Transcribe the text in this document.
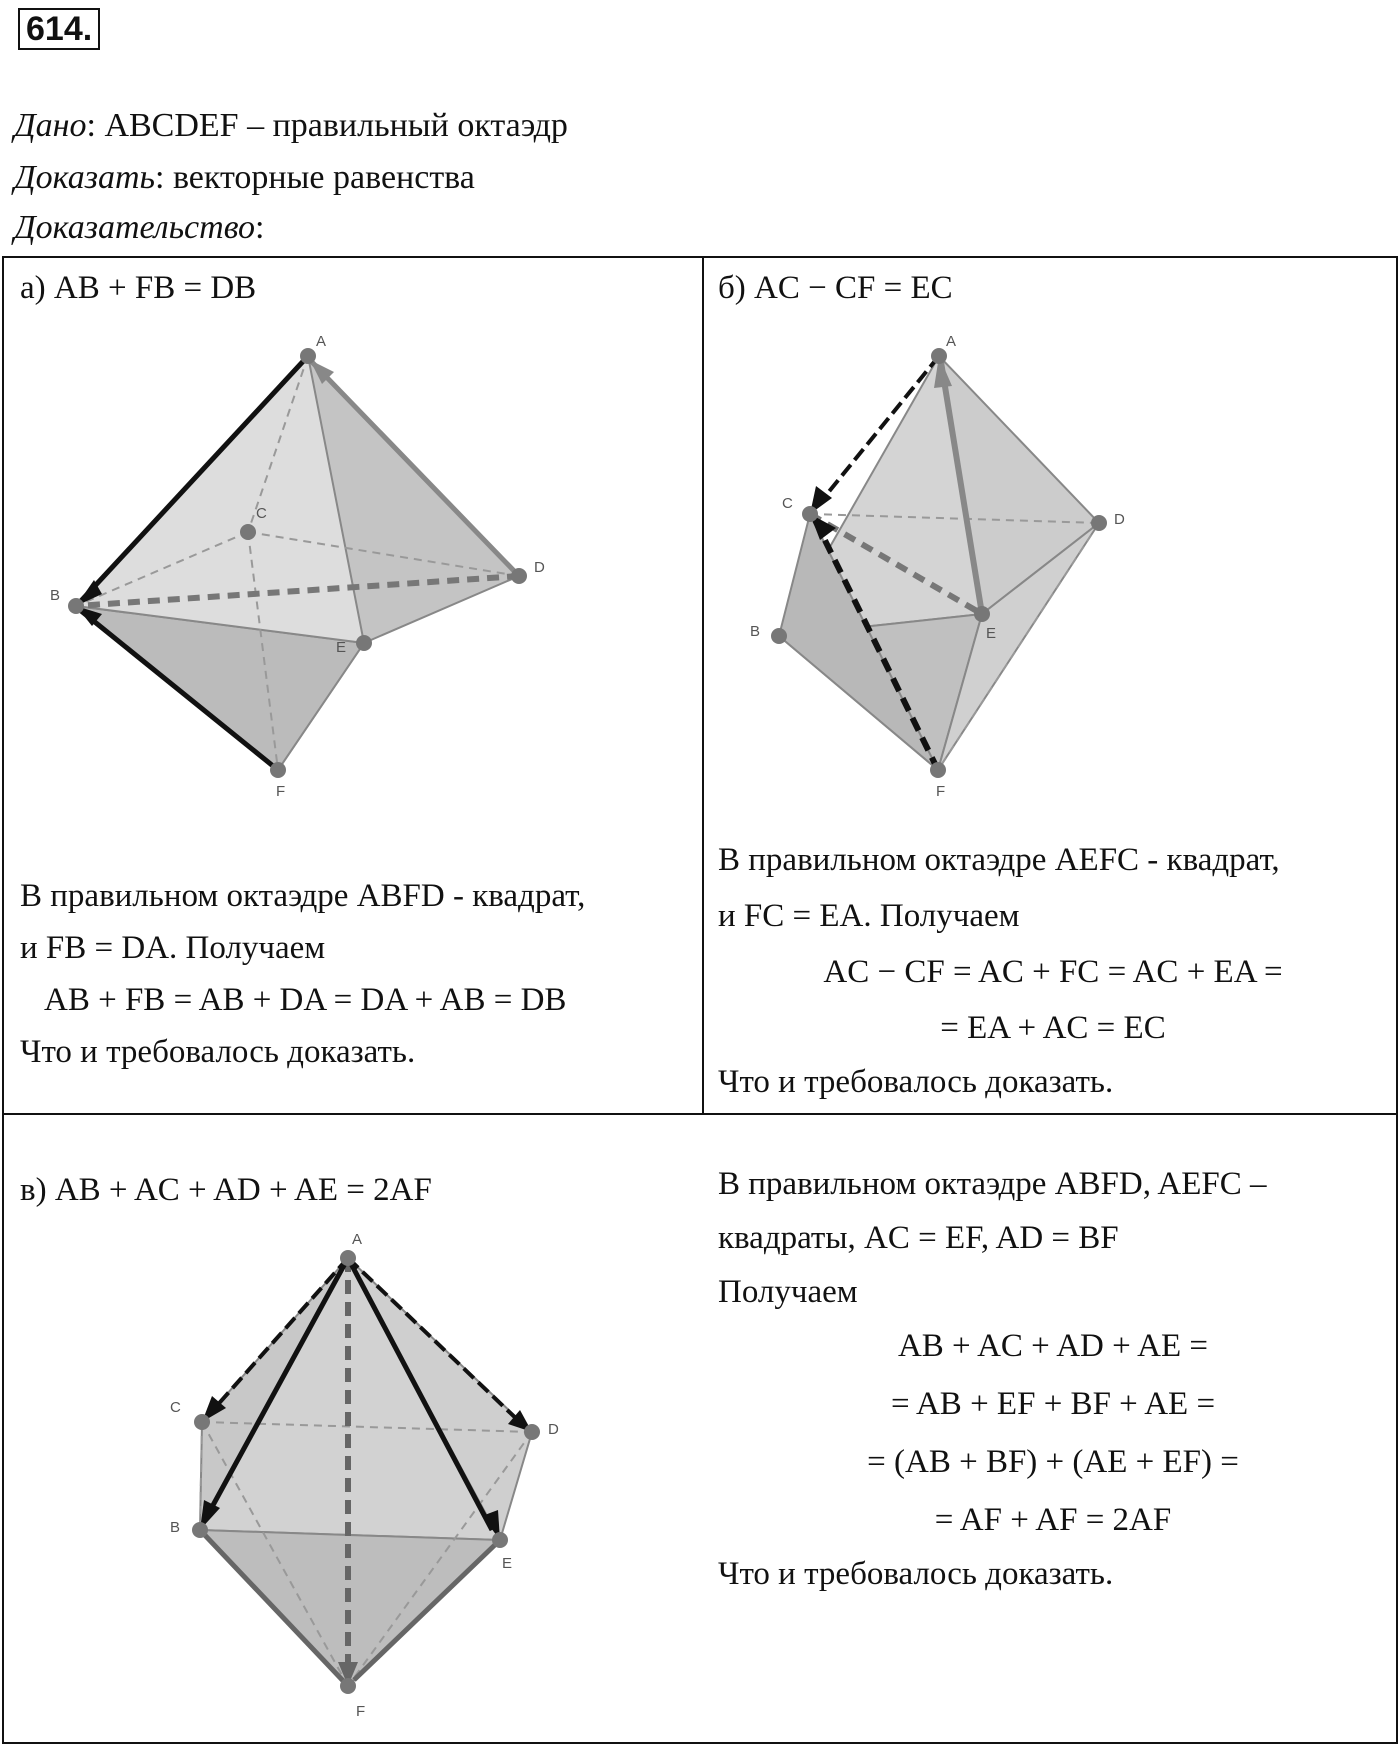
614.
Дано: ABCDEF – правильный октаэдр
Доказать: векторные равенства
Доказательство:
а) AB + FB = DB
A
B
C
D
E
F
В правильном октаэдре ABFD - квадрат,
и FB = DA. Получаем
AB + FB = AB + DA = DA + AB = DB
Что и требовалось доказать.
б) AC − CF = EC
A
C
D
B	E
F
В правильном октаэдре AEFC - квадрат,
и FC = EA. Получаем
AC − CF = AC + FC = AC + EA =
= EA + AC = EC
Что и требовалось доказать.
в) AB + AC + AD + AE = 2AF
A
C
D
B
E
F
В правильном октаэдре ABFD, AEFC –
квадраты, AC = EF, AD = BF
Получаем
AB + AC + AD + AE =
= AB + EF + BF + AE =
= (AB + BF) + (AE + EF) =
= AF + AF = 2AF
Что и требовалось доказать.
